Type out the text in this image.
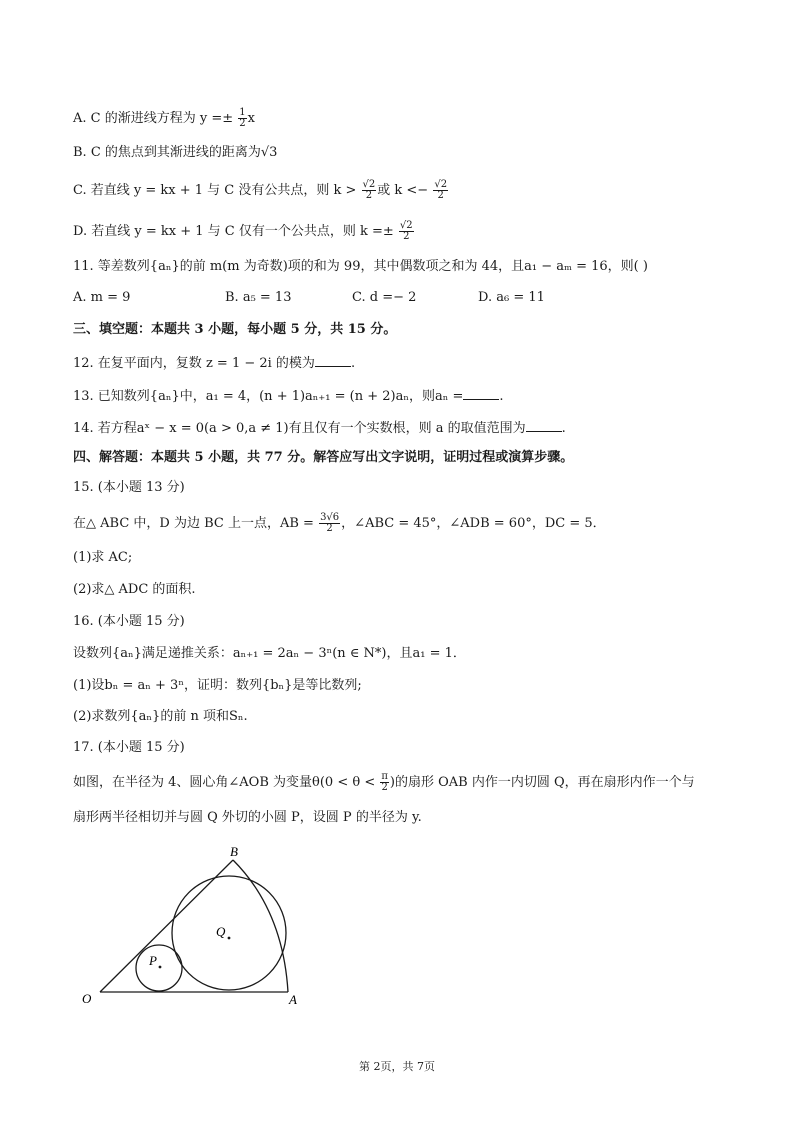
A. C 的渐进线方程为 $y =\pm \frac{1}{2}$ x
B. C 的焦点到其渐进线的距离为√3
C. 若直线 y = kx + 1 与 C 没有公共点，则 $k > \frac{√2}{2}$ 或 $k <- \frac{√2}{2}$
D. 若直线 y = kx + 1 与 C 仅有一个公共点，则 $k =\pm \frac{√2}{2}$
11. 等差数列{aₙ}的前 m(m 为奇数)项的和为 99，其中偶数项之和为 44，且a₁ − aₘ = 16，则( )
A. m = 9	B. a₅ = 13	C. d =− 2	D. a₆ = 11
三、填空题：本题共 3 小题，每小题 5 分，共 15 分。
12. 在复平面内，复数 z = 1 − 2i 的模为	.
13. 已知数列{aₙ}中，a₁ = 4，(n + 1)aₙ₊₁ = (n + 2)aₙ，则aₙ =	.
14. 若方程aˣ − x = 0(a > 0,a ≠ 1)有且仅有一个实数根，则 a 的取值范围为	.
四、解答题：本题共 5 小题，共 77 分。解答应写出文字说明，证明过程或演算步骤。
15. (本小题 13 分)
在△ ABC 中，D 为边 BC 上一点，AB = $\frac{3√6}{2}$ ，∠ABC = 45°，∠ADB = 60°，DC = 5．
(1)求 AC;
(2)求△ ADC 的面积.
16. (本小题 15 分)
设数列{aₙ}满足递推关系：aₙ₊₁ = 2aₙ − 3ⁿ(n ∈ N*)，且a₁ = 1．
(1)设bₙ = aₙ + 3ⁿ，证明：数列{bₙ}是等比数列;
(2)求数列{aₙ}的前 n 项和Sₙ.
17. (本小题 15 分)
如图，在半径为 4、圆心角∠AOB 为变量$\theta(0 < \theta < \frac{\pi}{2}$ )的扇形 OAB 内作一内切圆 Q，再在扇形内作一个与
扇形两半径相切并与圆 Q 外切的小圆 P，设圆 P 的半径为 y.
O	A
B
Q
P
第 2页，共 7页
